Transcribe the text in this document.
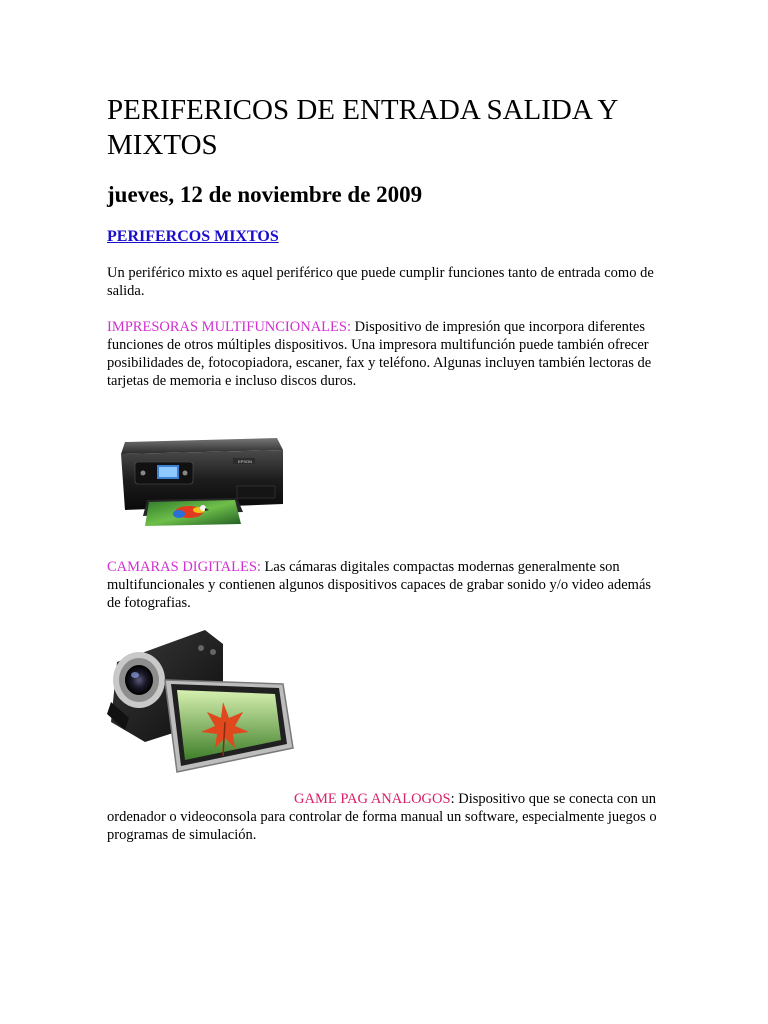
PERIFERICOS DE ENTRADA SALIDA Y MIXTOS
jueves, 12 de noviembre de 2009
PERIFERCOS MIXTOS

Un periférico mixto es aquel periférico que puede cumplir funciones tanto de entrada como de salida.

IMPRESORAS MULTIFUNCIONALES: Dispositivo de impresión que incorpora diferentes funciones de otros múltiples dispositivos. Una impresora multifunción puede también ofrecer posibilidades de, fotocopiadora, escaner, fax y teléfono. Algunas incluyen también lectoras de tarjetas de memoria e incluso discos duros.

CAMARAS DIGITALES: Las cámaras digitales compactas modernas generalmente son multifuncionales y contienen algunos dispositivos capaces de grabar sonido y/o video además de fotografias.

GAME PAG ANALOGOS: Dispositivo que se conecta con un ordenador o videoconsola para controlar de forma manual un software, especialmente juegos o programas de simulación.

EPSON
